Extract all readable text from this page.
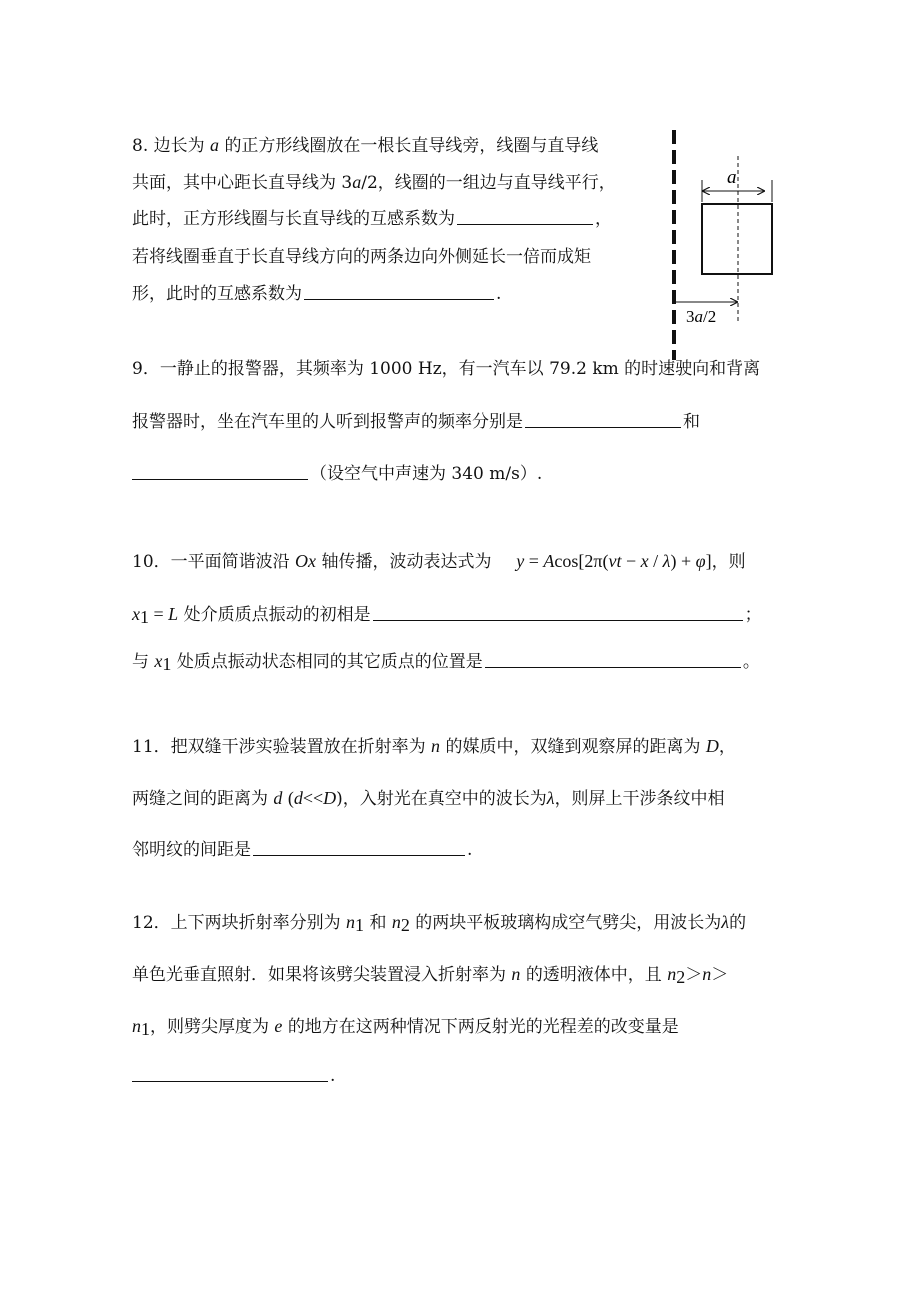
8. 边长为 a 的正方形线圈放在一根长直导线旁，线圈与直导线
共面，其中心距长直导线为 3a/2，线圈的一组边与直导线平行，
此时，正方形线圈与长直导线的互感系数为	，
若将线圈垂直于长直导线方向的两条边向外侧延长一倍而成矩
形，此时的互感系数为	.
a
3a/2
9．一静止的报警器，其频率为 1000 Hz，有一汽车以 79.2 km 的时速驶向和背离
报警器时，坐在汽车里的人听到报警声的频率分别是	和
（设空气中声速为 340 m/s）.
10．一平面简谐波沿 Ox 轴传播，波动表达式为 y = Acos[2π(νt − x / λ) + φ]，则
$x_1 = L$ 处介质质点振动的初相是	；
与 $x_1$ 处质点振动状态相同的其它质点的位置是	。
11．把双缝干涉实验装置放在折射率为 n 的媒质中，双缝到观察屏的距离为 D，
两缝之间的距离为 d (d<<D)，入射光在真空中的波长为λ，则屏上干涉条纹中相
邻明纹的间距是	.
12．上下两块折射率分别为 $n_1$ 和 $n_2$ 的两块平板玻璃构成空气劈尖，用波长为λ的
单色光垂直照射．如果将该劈尖装置浸入折射率为 n 的透明液体中，且 $n_2>n>$
$n_1$，则劈尖厚度为 e 的地方在这两种情况下两反射光的光程差的改变量是
.
